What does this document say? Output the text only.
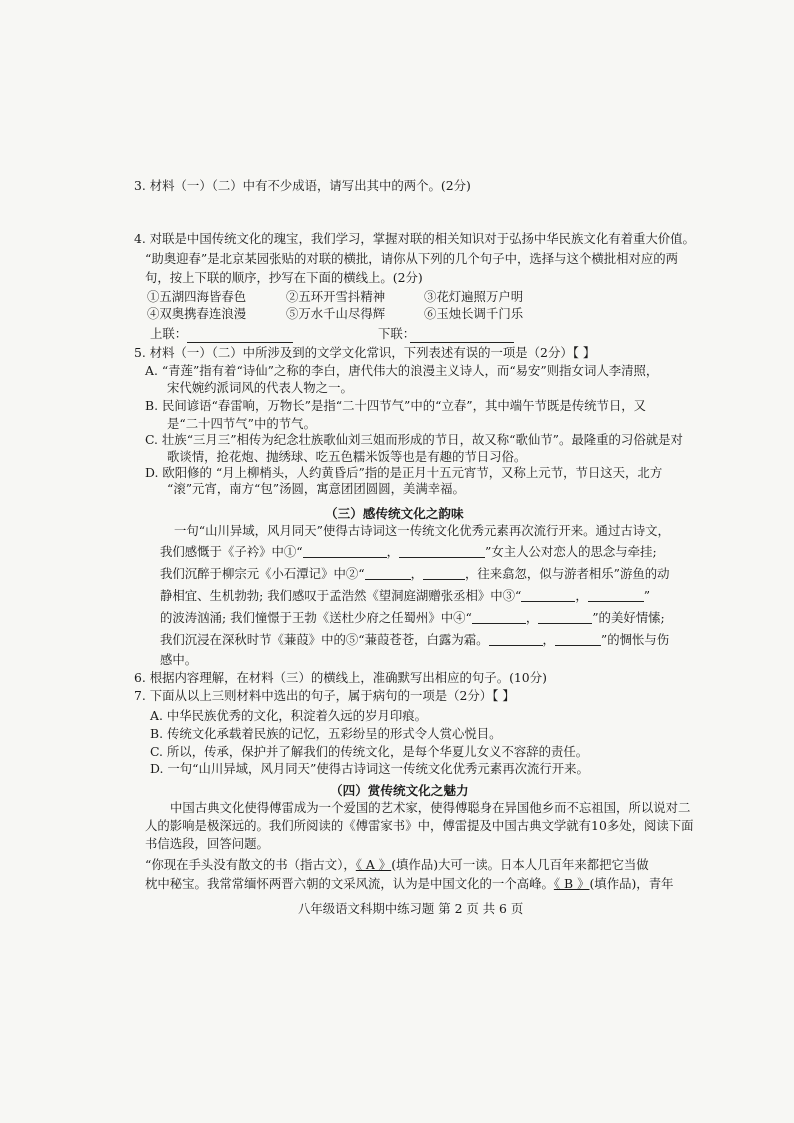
3. 材料（一）（二）中有不少成语，请写出其中的两个。(2分)
4. 对联是中国传统文化的瑰宝，我们学习，掌握对联的相关知识对于弘扬中华民族文化有着重大价值。
“助奥迎春”是北京某园张贴的对联的横批，请你从下列的几个句子中，选择与这个横批相对应的两
句，按上下联的顺序，抄写在下面的横线上。(2分)
①五湖四海皆春色	②五环开雪抖精神	③花灯遍照万户明
④双奥携春连浪漫	⑤万水千山尽得辉	⑥玉烛长调千门乐
上联：	下联：
5. 材料（一）（二）中所涉及到的文学文化常识，下列表述有误的一项是（2分）【 】
A. “青莲”指有着“诗仙”之称的李白，唐代伟大的浪漫主义诗人，而“易安”则指女词人李清照，
宋代婉约派词风的代表人物之一。
B. 民间谚语“春雷响，万物长”是指“二十四节气”中的“立春”，其中端午节既是传统节日，又
是“二十四节气”中的节气。
C. 壮族“三月三”相传为纪念壮族歌仙刘三姐而形成的节日，故又称“歌仙节”。最隆重的习俗就是对
歌谈情，抢花炮、抛绣球、吃五色糯米饭等也是有趣的节日习俗。
D. 欧阳修的 “月上柳梢头，人约黄昏后”指的是正月十五元宵节，又称上元节，节日这天，北方
“滚”元宵，南方“包”汤圆，寓意团团圆圆，美满幸福。
（三）感传统文化之韵味
一句“山川异域，风月同天”使得古诗词这一传统文化优秀元素再次流行开来。通过古诗文，
我们感慨于《子衿》中①“	，	”女主人公对恋人的思念与牵挂;
我们沉醉于柳宗元《小石潭记》中②“	，	，往来翕忽，似与游者相乐”游鱼的动
静相宜、生机勃勃; 我们感叹于孟浩然《望洞庭湖赠张丞相》中③“	，	”
的波涛汹涌; 我们憧憬于王勃《送杜少府之任蜀州》中④“	，	”的美好情愫;
我们沉浸在深秋时节《蒹葭》中的⑤“蒹葭苍苍，白露为霜。	，	”的惆怅与伤
感中。
6. 根据内容理解，在材料（三）的横线上，准确默写出相应的句子。(10分)
7. 下面从以上三则材料中选出的句子，属于病句的一项是（2分）【 】
A. 中华民族优秀的文化，积淀着久远的岁月印痕。
B. 传统文化承载着民族的记忆，五彩纷呈的形式令人赏心悦目。
C. 所以，传承，保护并了解我们的传统文化，是每个华夏儿女义不容辞的责任。
D. 一句“山川异域，风月同天”使得古诗词这一传统文化优秀元素再次流行开来。
（四）赏传统文化之魅力
中国古典文化使得傅雷成为一个爱国的艺术家，使得傅聪身在异国他乡而不忘祖国，所以说对二
人的影响是极深远的。我们所阅读的《傅雷家书》中，傅雷提及中国古典文学就有10多处，阅读下面
书信选段，回答问题。
“你现在手头没有散文的书（指古文），《 A 》(填作品)大可一读。日本人几百年来都把它当做
枕中秘宝。我常常缅怀两晋六朝的文采风流，认为是中国文化的一个高峰。《 B 》(填作品)，青年
八年级语文科期中练习题 第 2 页 共 6 页
